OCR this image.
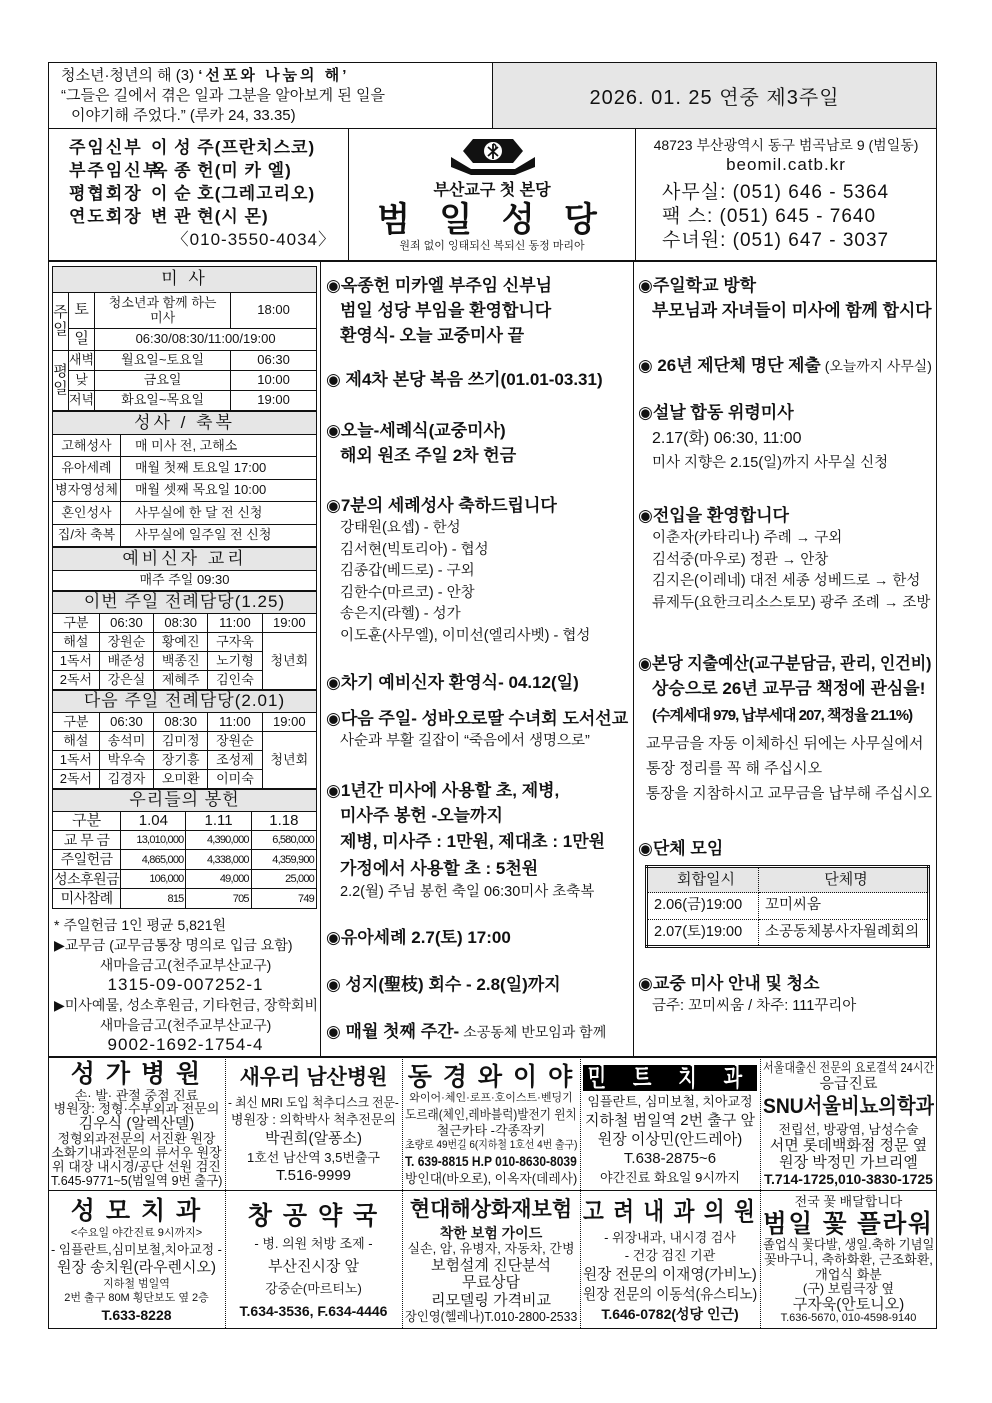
청소년·청년의 해 (3) ‘선포와 나눔의 해’
“그들은 길에서 겪은 일과 그분을 알아보게 된 일을
이야기해 주었다.” (루카 24, 33.35)
2026. 01. 25 연중 제3주일
주임신부 이 성 주(프란치스코)
부주임신부
옥 종 헌(미 카 엘)
평협회장 이 순 호(그레고리오)
연도회장 변 관 현(시 몬)
〈010-3550-4034〉
부산교구 첫 본당
범 일 성 당
원죄 없이 잉태되신 복되신 동정 마리아
48723 부산광역시 동구 범곡남로 9 (범일동)
beomil.catb.kr
사무실: (051) 646 - 5364
팩 스: (051) 645 - 7640
수녀원: (051) 647 - 3037
미 사			
주일	토	청소년과 함께 하는 미사	18:00
	일	06:30/08:30/11:00/19:00	
평일	새벽	월요일~토요일	06:30
	낮	금요일	10:00
	저녁	화요일~목요일	19:00
성사 / 축복	
고해성사	매 미사 전, 고해소
유아세례	매월 첫째 토요일 17:00
병자영성체	매월 셋째 목요일 10:00
혼인성사	사무실에 한 달 전 신청
집/차 축복	사무실에 일주일 전 신청
예비신자 교리
매주 주일 09:30
이번 주일 전례담당(1.25)				
구분	06:30	08:30	11:00	19:00
해설	장원순	황예진	구자욱	청년회
1독서	배준성	백종진	노기형	
2독서	강은실	제혜주	김인숙	
다음 주일 전례담당(2.01)				
구분	06:30	08:30	11:00	19:00
해설	송석미	김미정	장원순	청년회
1독서	박우숙	장기흥	조성제	
2독서	김경자	오미환	이미숙	
우리들의 봉헌			
구분	1.04	1.11	1.18
교 무 금	13,010,000	4,390,000	6,580,000
주일헌금	4,865,000	4,338,000	4,359,900
성소후원금	106,000	49,000	25,000
미사참례	815	705	749
* 주일헌금 1인 평균 5,821원
▶교무금 (교무금통장 명의로 입금 요함)
새마을금고(천주교부산교구)
1315-09-007252-1
▶미사예물, 성소후원금, 기타헌금, 장학회비
새마을금고(천주교부산교구)
9002-1692-1754-4
◉옥종헌 미카엘 부주임 신부님
범일 성당 부임을 환영합니다
환영식- 오늘 교중미사 끝
◉ 제4차 본당 복음 쓰기(01.01-03.31)
◉오늘-세례식(교중미사)
해외 원조 주일 2차 헌금
◉7분의 세례성사 축하드립니다
강태원(요셉) - 한성
김서현(빅토리아) - 협성
김종갑(베드로) - 구외
김한수(마르코) - 안창
송은지(라헬) - 성가
이도훈(사무엘), 이미선(엘리사벳) - 협성
◉차기 예비신자 환영식- 04.12(일)
◉다음 주일- 성바오로딸 수녀회 도서선교
사순과 부활 길잡이 “죽음에서 생명으로”
◉1년간 미사에 사용할 초, 제병,
미사주 봉헌 -오늘까지
제병, 미사주 : 1만원, 제대초 : 1만원
가정에서 사용할 초 : 5천원
2.2(월) 주님 봉헌 축일 06:30미사 초축복
◉유아세례 2.7(토) 17:00
◉ 성지(聖枝) 회수 - 2.8(일)까지
◉ 매월 첫째 주간- 소공동체 반모임과 함께
◉주일학교 방학
부모님과 자녀들이 미사에 함께 합시다
◉ 26년 제단체 명단 제출 (오늘까지 사무실)
◉설날 합동 위령미사
2.17(화) 06:30, 11:00
미사 지향은 2.15(일)까지 사무실 신청
◉전입을 환영합니다
이춘자(카타리나) 주례 → 구외
김석중(마우로) 정관 → 안창
김지은(이레네) 대전 세종 성베드로 → 한성
류제두(요한크리소스토모) 광주 조례 → 조방
◉본당 지출예산(교구분담금, 관리, 인건비)
상승으로 26년 교무금 책정에 관심을!
(수계세대 979, 납부세대 207, 책정율 21.1%)
교무금을 자동 이체하신 뒤에는 사무실에서
통장 정리를 꼭 해 주십시오
통장을 지참하시고 교무금을 납부해 주십시오
◉단체 모임
◉교중 미사 안내 및 청소
금주: 꼬미씨움 / 차주: 111꾸리아
회합일시	단체명
2.06(금)19:00	꼬미씨움
2.07(토)19:00	소공동체봉사자월례회의
성 가 병 원
손· 발· 관절 중점 진료
병원장: 정형·수부외과 전문의
김우식 (알렉산델)
정형외과전문의 서진환 원장
소화기내과전문의 류서우 원장
위 대장 내시경/공단 선원 검진
T.645-9771~5(범일역 9번 출구)
새우리 남산병원
- 최신 MRI 도입 척추디스크 전문-
병원장 : 의학박사 척추전문의
박권희(알퐁소)
1호선 남산역 3,5번출구
T.516-9999
동 경 와 이 야
와이어·체인·로프·호이스트·벤딩기
도르래(체인,레바블럭)발전기 윈치
철근카타 -각종작키
초량로 49번길 6(지하철 1호선 4번 출구)
T. 639-8815 H.P 010-8630-8039
방인대(바오로), 이옥자(데레사)
민 트 치 과
임플란트, 심미보철, 치아교정
지하철 범일역 2번 출구 앞
원장 이상민(안드레아)
T.638-2875~6
야간진료 화요일 9시까지
서울대출신 전문의 요로결석 24시간
응급진료
SNU서울비뇨의학과
전립선, 방광염, 남성수술
서면 롯데백화점 정문 옆
원장 박정민 가브리엘
T.714-1725,010-3830-1725
성 모 치 과
<수요일 야간진료 9시까지>
- 임플란트,심미보철,치아교정 -
원장 송치원(라우렌시오)
지하철 범일역
2번 출구 80M 횡단보도 옆 2층
T.633-8228
창 공 약 국
- 병. 의원 처방 조제 -
부산진시장 앞
강중순(마르티노)
T.634-3536, F.634-4446
현대해상화재보험
착한 보험 가이드
실손, 암, 유병자, 자동차, 간병
보험설계 진단분석
무료상담
리모델링 가격비교
장인영(헬레나)T.010-2800-2533
고 려 내 과 의 원
- 위장내과, 내시경 검사
- 건강 검진 기관
원장 전문의 이재영(가비노)
원장 전문의 이동석(유스티노)
T.646-0782(성당 인근)
전국 꽃 배달합니다
범일 꽃 플라워
졸업식 꽃다발, 생일.축하 기념일
꽃바구니, 축하화환, 근조화환,
개업식 화분
(구) 보림극장 옆
구자욱(안토니오)
T.636-5670, 010-4598-9140
